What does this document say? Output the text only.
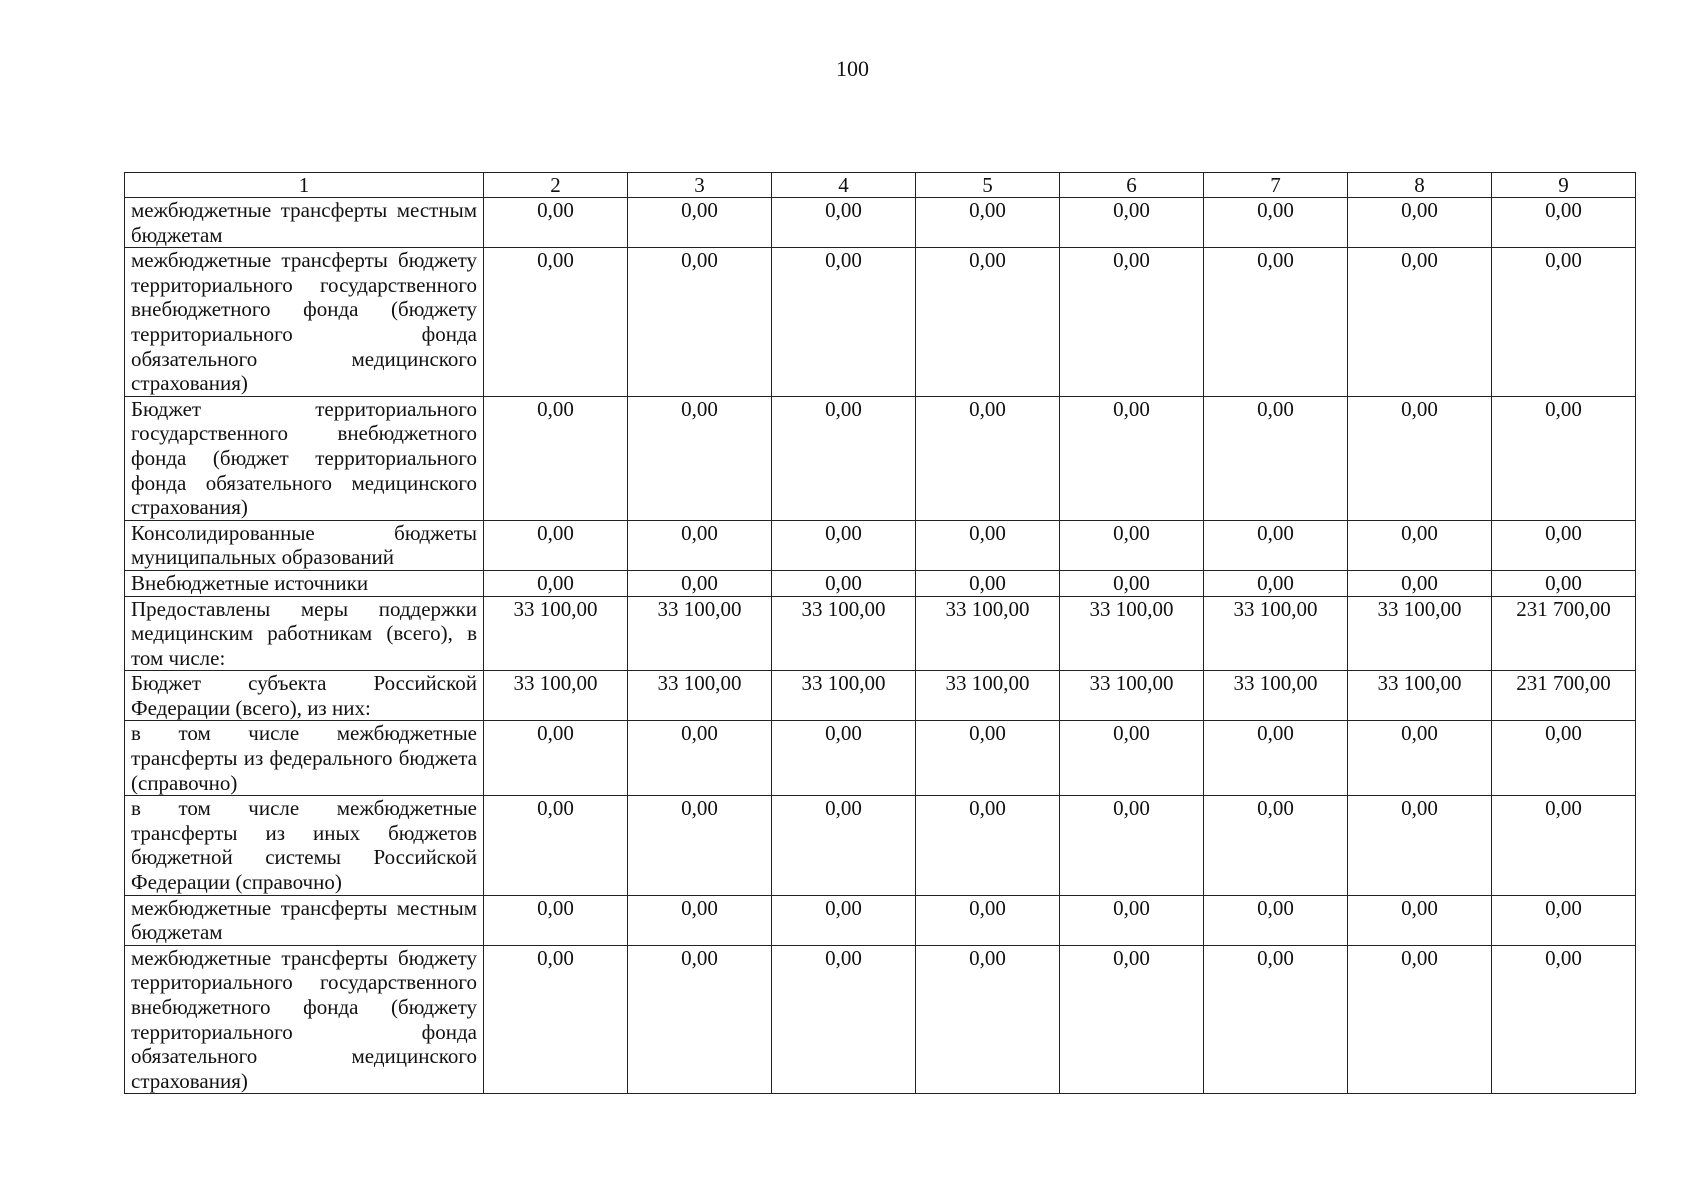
100
1	2	3	4	5	6	7	8	9
межбюджетные трансферты местным бюджетам	0,00	0,00	0,00	0,00	0,00	0,00	0,00	0,00
межбюджетные трансферты бюджету территориального государственного внебюджетного фонда (бюджету территориального фонда обязательного медицинского страхования)	0,00	0,00	0,00	0,00	0,00	0,00	0,00	0,00
Бюджет территориального государственного внебюджетного фонда (бюджет территориального фонда обязательного медицинского страхования)	0,00	0,00	0,00	0,00	0,00	0,00	0,00	0,00
Консолидированные бюджеты муниципальных образований	0,00	0,00	0,00	0,00	0,00	0,00	0,00	0,00
Внебюджетные источники	0,00	0,00	0,00	0,00	0,00	0,00	0,00	0,00
Предоставлены меры поддержки медицинским работникам (всего), в том числе:	33 100,00	33 100,00	33 100,00	33 100,00	33 100,00	33 100,00	33 100,00	231 700,00
Бюджет субъекта Российской Федерации (всего), из них:	33 100,00	33 100,00	33 100,00	33 100,00	33 100,00	33 100,00	33 100,00	231 700,00
в том числе межбюджетные трансферты из федерального бюджета (справочно)	0,00	0,00	0,00	0,00	0,00	0,00	0,00	0,00
в том числе межбюджетные трансферты из иных бюджетов бюджетной системы Российской Федерации (справочно)	0,00	0,00	0,00	0,00	0,00	0,00	0,00	0,00
межбюджетные трансферты местным бюджетам	0,00	0,00	0,00	0,00	0,00	0,00	0,00	0,00
межбюджетные трансферты бюджету территориального государственного внебюджетного фонда (бюджету территориального фонда обязательного медицинского страхования)	0,00	0,00	0,00	0,00	0,00	0,00	0,00	0,00
